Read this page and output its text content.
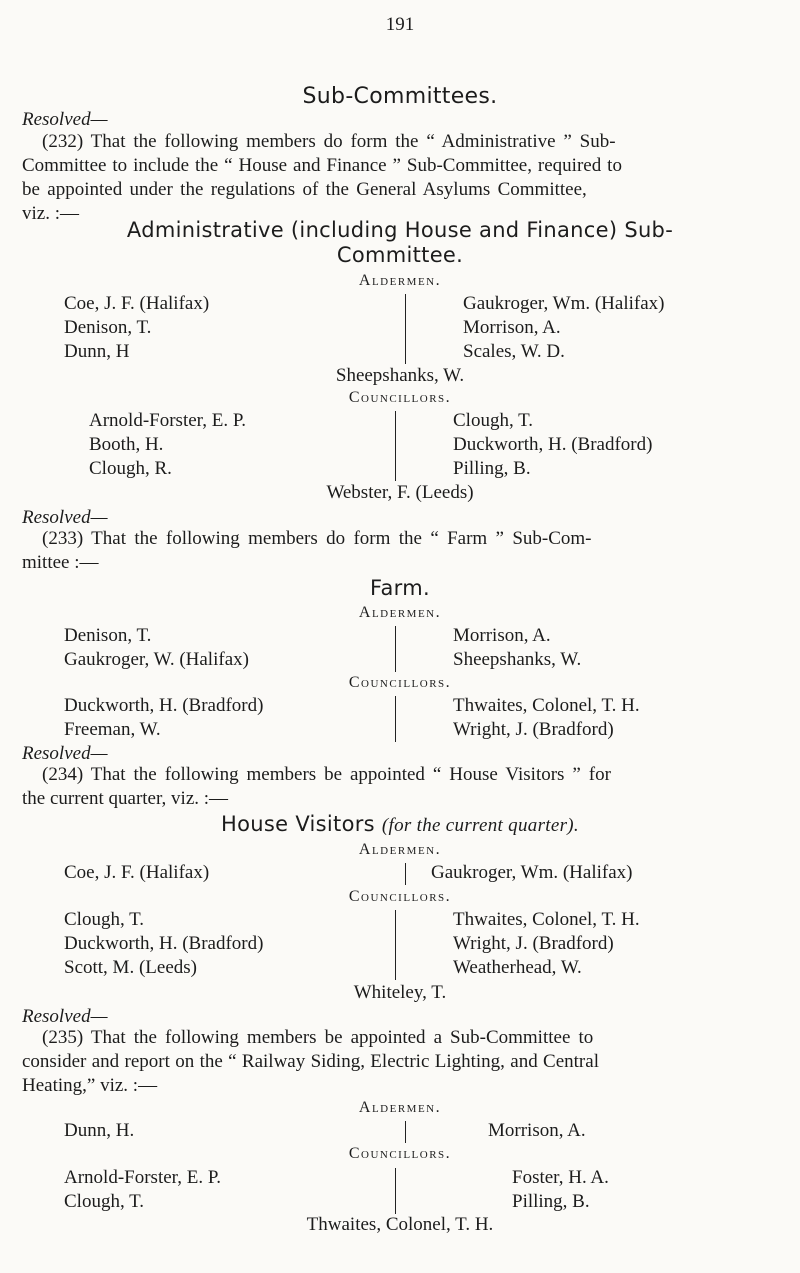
191
Sub-Committees.
Resolved—
(232) That the following members do form the “ Administrative ” Sub-
Committee to include the “ House and Finance ” Sub-Committee, required to
be appointed under the regulations of the General Asylums Committee,
viz. :—
Administrative (including House and Finance) Sub-
Committee.
Aldermen.
Coe, J. F. (Halifax)
Denison, T.
Dunn, H
Gaukroger, Wm. (Halifax)
Morrison, A.
Scales, W. D.
Sheepshanks, W.
Councillors.
Arnold-Forster, E. P.
Booth, H.
Clough, R.
Clough, T.
Duckworth, H. (Bradford)
Pilling, B.
Webster, F. (Leeds)
Resolved—
(233) That the following members do form the “ Farm ” Sub-Com-
mittee :—
Farm.
Aldermen.
Denison, T.
Gaukroger, W. (Halifax)
Morrison, A.
Sheepshanks, W.
Councillors.
Duckworth, H. (Bradford)
Freeman, W.
Thwaites, Colonel, T. H.
Wright, J. (Bradford)
Resolved—
(234) That the following members be appointed “ House Visitors ” for
the current quarter, viz. :—
House Visitors (for the current quarter).
Aldermen.
Coe, J. F. (Halifax)	Gaukroger, Wm. (Halifax)
Councillors.
Clough, T.
Duckworth, H. (Bradford)
Scott, M. (Leeds)
Thwaites, Colonel, T. H.
Wright, J. (Bradford)
Weatherhead, W.
Whiteley, T.
Resolved—
(235) That the following members be appointed a Sub-Committee to
consider and report on the “ Railway Siding, Electric Lighting, and Central
Heating,” viz. :—
Aldermen.
Dunn, H.	Morrison, A.
Councillors.
Arnold-Forster, E. P.
Clough, T.
Foster, H. A.
Pilling, B.
Thwaites, Colonel, T. H.
